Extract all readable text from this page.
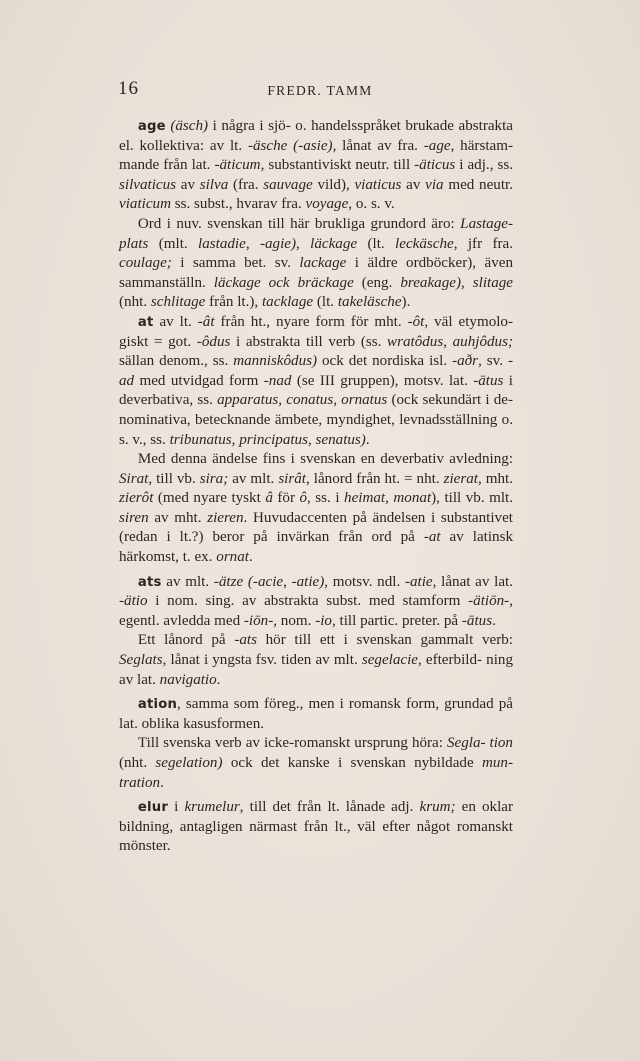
16	FREDR. TAMM

age (äsch) i några i sjö- o. handelsspråket brukade abstrakta el. kollektiva: av lt. -äsche (-asie), lånat av fra. -age, härstam- mande från lat. -äticum, substantiviskt neutr. till -äticus i adj., ss. silvaticus av silva (fra. sauvage vild), viaticus av via med neutr. viaticum ss. subst., hvarav fra. voyage, o. s. v.

Ord i nuv. svenskan till här brukliga grundord äro: Lastage- plats (mlt. lastadie, -agie), läckage (lt. leckäsche, jfr fra. coulage; i samma bet. sv. lackage i äldre ordböcker), även sammanställn. läckage ock bräckage (eng. breakage), slitage (nht. schlitage från lt.), tacklage (lt. takeläsche).

at av lt. -ât från ht., nyare form för mht. -ôt, väl etymolo- giskt = got. -ôdus i abstrakta till verb (ss. wratôdus, auhjôdus; sällan denom., ss. manniskôdus) ock det nordiska isl. -aðr, sv. -ad med utvidgad form -nad (se III gruppen), motsv. lat. -ātus i deverbativa, ss. apparatus, conatus, ornatus (ock sekundärt i de- nominativa, betecknande ämbete, myndighet, levnadsställning o. s. v., ss. tribunatus, principatus, senatus).

Med denna ändelse fins i svenskan en deverbativ avledning: Sirat, till vb. sira; av mlt. sirât, lånord från ht. = nht. zierat, mht. zierôt (med nyare tyskt â för ô, ss. i heimat, monat), till vb. mlt. siren av mht. zieren. Huvudaccenten på ändelsen i substantivet (redan i lt.?) beror på invärkan från ord på -at av latinsk härkomst, t. ex. ornat.

ats av mlt. -ätze (-acie, -atie), motsv. ndl. -atie, lånat av lat. -ätio i nom. sing. av abstrakta subst. med stamform -ätiōn-, egentl. avledda med -iōn-, nom. -io, till partic. preter. på -ātus.

Ett lånord på -ats hör till ett i svenskan gammalt verb: Seglats, lånat i yngsta fsv. tiden av mlt. segelacie, efterbild- ning av lat. navigatio.

ation, samma som föreg., men i romansk form, grundad på lat. oblika kasusformen.

Till svenska verb av icke-romanskt ursprung höra: Segla- tion (nht. segelation) ock det kanske i svenskan nybildade mun- tration.

elur i krumelur, till det från lt. lånade adj. krum; en oklar bildning, antagligen närmast från lt., väl efter något romanskt mönster.
